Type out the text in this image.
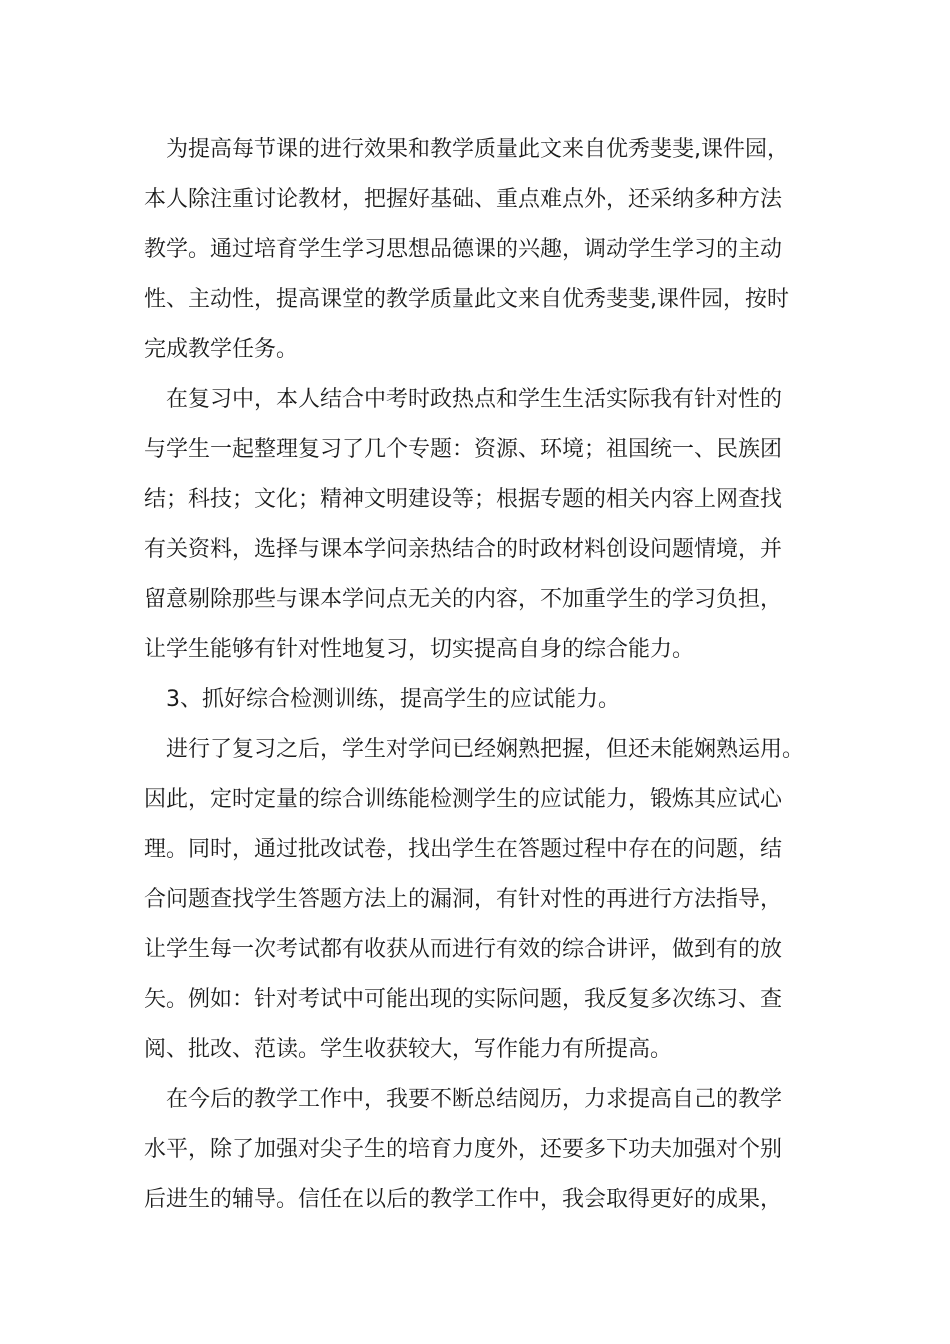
为提高每节课的进行效果和教学质量此文来自优秀斐斐,课件园，

本人除注重讨论教材，把握好基础、重点难点外，还采纳多种方法

教学。通过培育学生学习思想品德课的兴趣，调动学生学习的主动

性、主动性，提高课堂的教学质量此文来自优秀斐斐,课件园，按时

完成教学任务。

在复习中，本人结合中考时政热点和学生生活实际我有针对性的

与学生一起整理复习了几个专题：资源、环境；祖国统一、民族团

结；科技；文化；精神文明建设等；根据专题的相关内容上网查找

有关资料，选择与课本学问亲热结合的时政材料创设问题情境，并

留意剔除那些与课本学问点无关的内容，不加重学生的学习负担，

让学生能够有针对性地复习，切实提高自身的综合能力。

3、抓好综合检测训练，提高学生的应试能力。

进行了复习之后，学生对学问已经娴熟把握，但还未能娴熟运用。

因此，定时定量的综合训练能检测学生的应试能力，锻炼其应试心

理。同时，通过批改试卷，找出学生在答题过程中存在的问题，结

合问题查找学生答题方法上的漏洞，有针对性的再进行方法指导，

让学生每一次考试都有收获从而进行有效的综合讲评，做到有的放

矢。例如：针对考试中可能出现的实际问题，我反复多次练习、查

阅、批改、范读。学生收获较大，写作能力有所提高。

在今后的教学工作中，我要不断总结阅历，力求提高自己的教学

水平，除了加强对尖子生的培育力度外，还要多下功夫加强对个别

后进生的辅导。信任在以后的教学工作中，我会取得更好的成果，
